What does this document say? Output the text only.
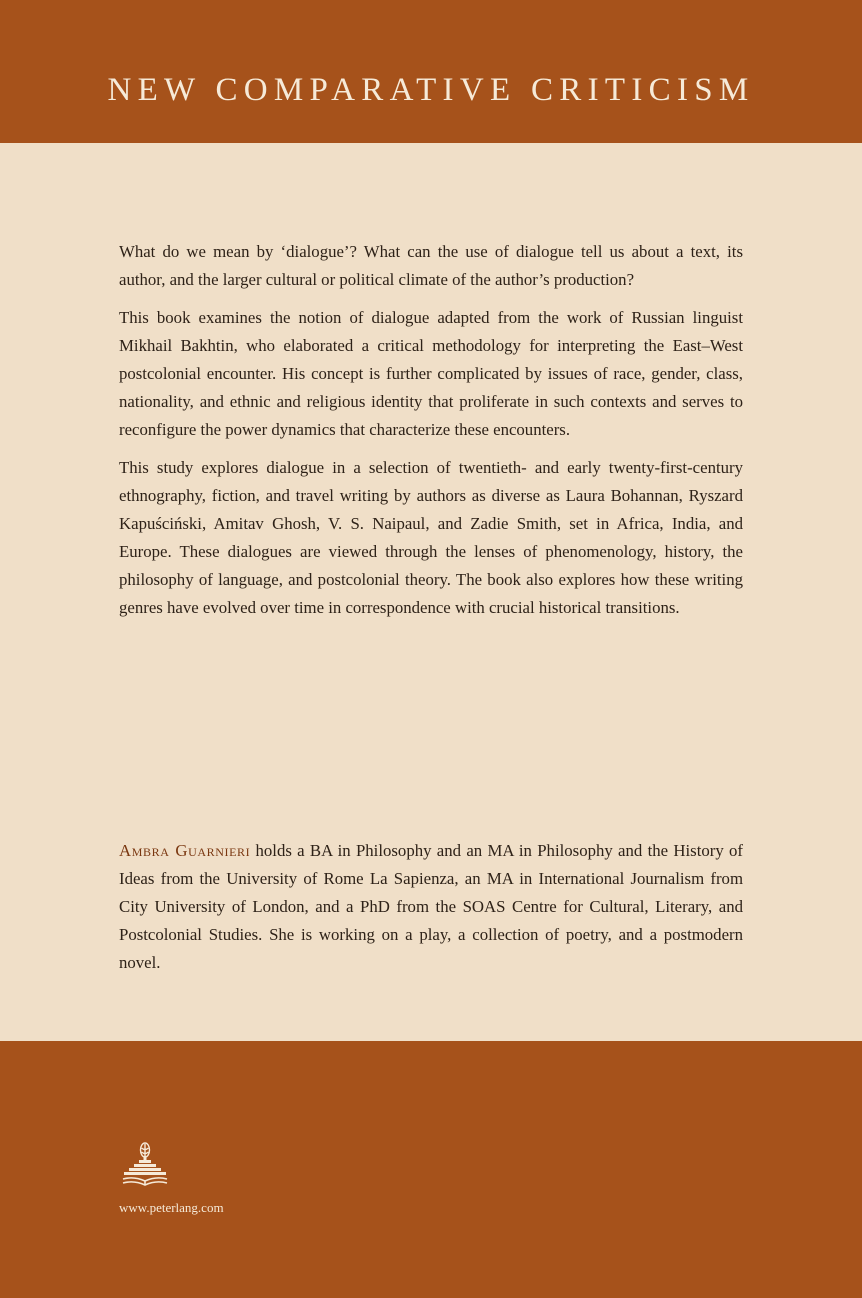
NEW COMPARATIVE CRITICISM

What do we mean by ‘dialogue’? What can the use of dialogue tell us about a text, its author, and the larger cultural or political climate of the author’s production?

This book examines the notion of dialogue adapted from the work of Russian linguist Mikhail Bakhtin, who elaborated a critical methodology for interpreting the East–West postcolonial encounter. His concept is further complicated by issues of race, gender, class, nationality, and ethnic and religious identity that proliferate in such contexts and serves to reconfigure the power dynamics that characterize these encounters.

This study explores dialogue in a selection of twentieth- and early twenty-first-century ethnography, fiction, and travel writing by authors as diverse as Laura Bohannan, Ryszard Kapuściński, Amitav Ghosh, V. S. Naipaul, and Zadie Smith, set in Africa, India, and Europe. These dialogues are viewed through the lenses of phenomenology, history, the philosophy of language, and postcolonial theory. The book also explores how these writing genres have evolved over time in correspondence with crucial historical transitions.

Ambra Guarnieri holds a BA in Philosophy and an MA in Philosophy and the History of Ideas from the University of Rome La Sapienza, an MA in International Journalism from City University of London, and a PhD from the SOAS Centre for Cultural, Literary, and Postcolonial Studies. She is working on a play, a collection of poetry, and a postmodern novel.

www.peterlang.com
